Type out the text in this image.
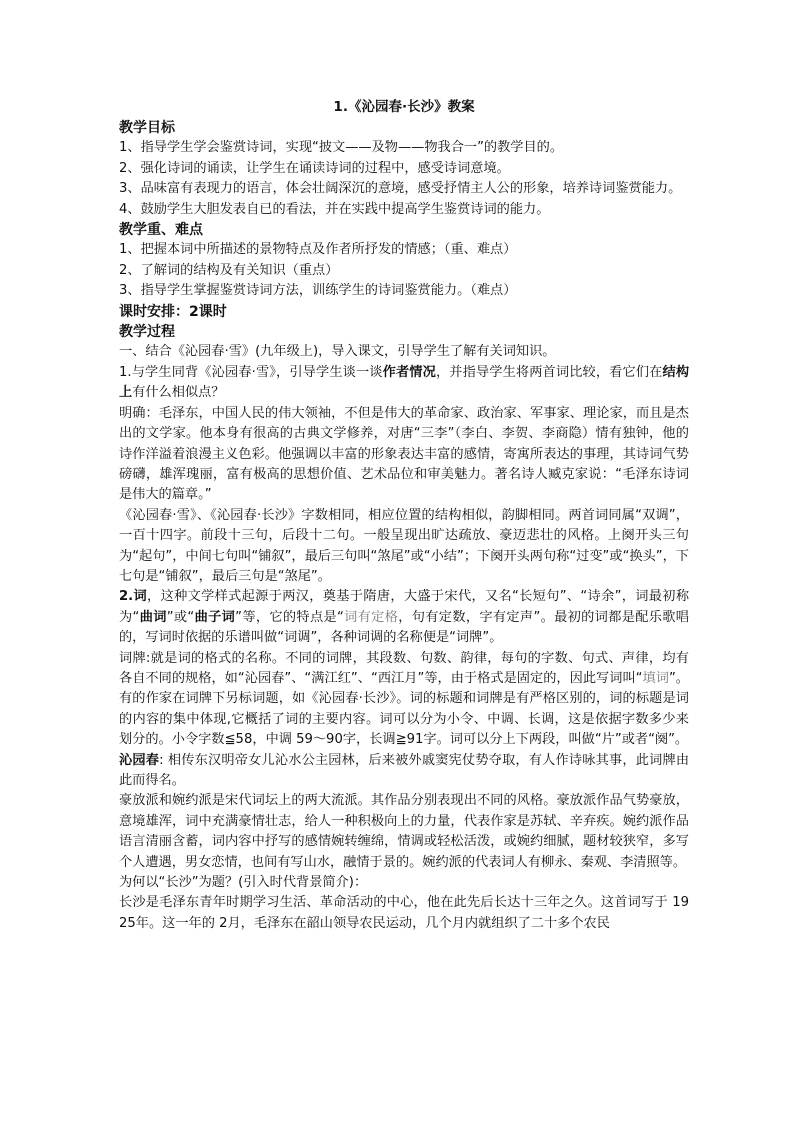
1.《沁园春·长沙》教案
教学目标
1、指导学生学会鉴赏诗词，实现“披文——及物——物我合一”的教学目的。
2、强化诗词的诵读，让学生在诵读诗词的过程中，感受诗词意境。
3、品味富有表现力的语言，体会壮阔深沉的意境，感受抒情主人公的形象，培养诗词鉴赏能力。
4、鼓励学生大胆发表自已的看法，并在实践中提高学生鉴赏诗词的能力。
教学重、难点
1、把握本词中所描述的景物特点及作者所抒发的情感；（重、难点）
2、了解词的结构及有关知识（重点）
3、指导学生掌握鉴赏诗词方法，训练学生的诗词鉴赏能力。（难点）
课时安排：2课时
教学过程
一、结合《沁园春·雪》(九年级上)，导入课文，引导学生了解有关词知识。
1.与学生同背《沁园春·雪》，引导学生谈一谈作者情况，并指导学生将两首词比较，看它们在结构上有什么相似点？
明确：毛泽东，中国人民的伟大领袖，不但是伟大的革命家、政治家、军事家、理论家，而且是杰出的文学家。他本身有很高的古典文学修养，对唐“三李”（李白、李贺、李商隐）情有独钟，他的诗作洋溢着浪漫主义色彩。他强调以丰富的形象表达丰富的感情，寄寓所表达的事理，其诗词气势磅礴，雄浑瑰丽，富有极高的思想价值、艺术品位和审美魅力。著名诗人臧克家说：“毛泽东诗词是伟大的篇章。”
《沁园春·雪》、《沁园春·长沙》字数相同，相应位置的结构相似，韵脚相同。两首词同属“双调”，一百十四字。前段十三句，后段十二句。一般呈现出旷达疏放、豪迈悲壮的风格。上阕开头三句为“起句”，中间七句叫“铺叙”，最后三句叫“煞尾”或“小结”；下阕开头两句称“过变”或“换头”，下七句是“铺叙”，最后三句是“煞尾”。
2.词，这种文学样式起源于两汉，奠基于隋唐，大盛于宋代，又名“长短句”、“诗余”，词最初称为“曲词”或“曲子词”等，它的特点是“词有定格，句有定数，字有定声”。最初的词都是配乐歌唱的，写词时依据的乐谱叫做“词调”，各种词调的名称便是“词牌”。
词牌:就是词的格式的名称。不同的词牌，其段数、句数、韵律，每句的字数、句式、声律，均有各自不同的规格，如“沁园春”、“满江红”、“西江月”等，由于格式是固定的，因此写词叫“填词”。有的作家在词牌下另标词题，如《沁园春·长沙》。词的标题和词牌是有严格区别的，词的标题是词的内容的集中体现,它概括了词的主要内容。词可以分为小令、中调、长调，这是依据字数多少来划分的。小令字数≦58，中调 59～90字，长调≧91字。词可以分上下两段，叫做“片”或者“阕”。
沁园春: 相传东汉明帝女儿沁水公主园林，后来被外戚窦宪仗势夺取，有人作诗咏其事，此词牌由此而得名。
豪放派和婉约派是宋代词坛上的两大流派。其作品分别表现出不同的风格。豪放派作品气势豪放，意境雄浑，词中充满豪情壮志，给人一种积极向上的力量，代表作家是苏轼、辛弃疾。婉约派作品语言清丽含蓄，词内容中抒写的感情婉转缠绵，情调或轻松活泼，或婉约细腻，题材较狭窄，多写个人遭遇，男女恋情，也间有写山水，融情于景的。婉约派的代表词人有柳永、秦观、李清照等。
为何以“长沙”为题？(引入时代背景简介)：
长沙是毛泽东青年时期学习生活、革命活动的中心，他在此先后长达十三年之久。这首词写于 1925年。这一年的 2月，毛泽东在韶山领导农民运动，几个月内就组织了二十多个农民
